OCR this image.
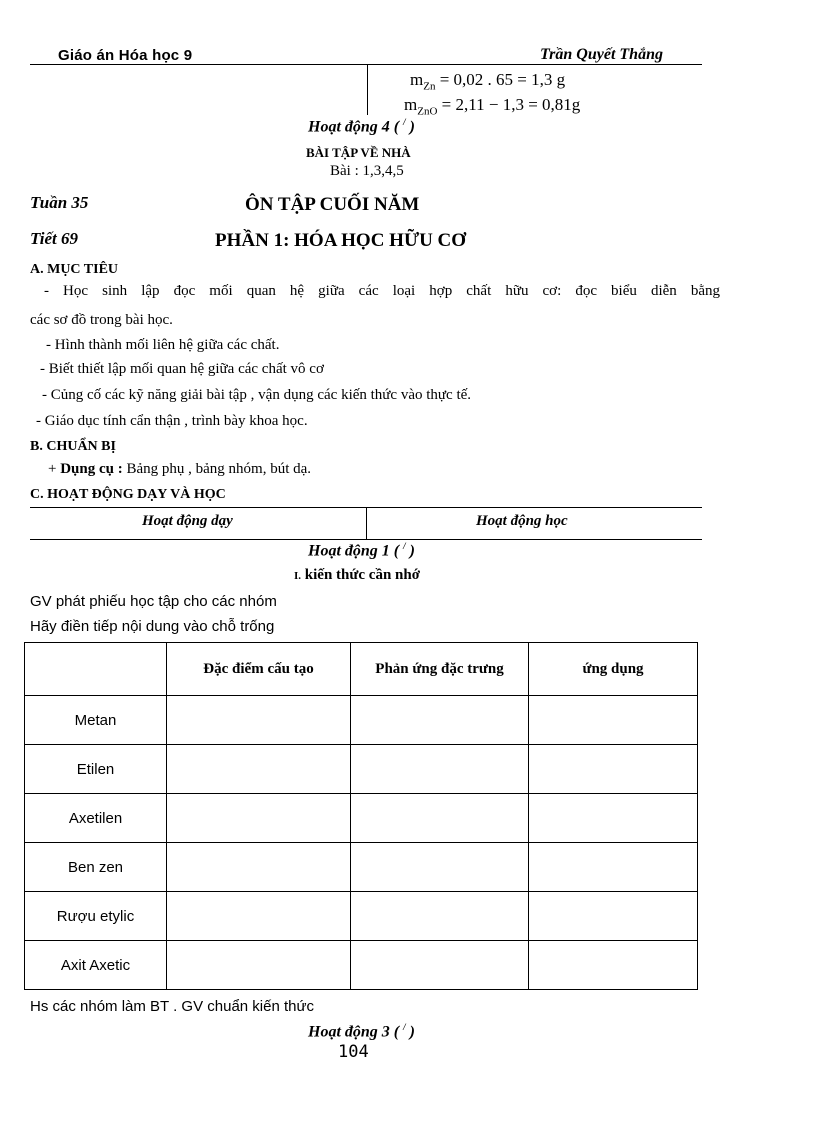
Giáo án Hóa học 9	Trần Quyết Thắng
$m_{Zn} = 0,02$ . 65 = 1,3 g
$m_{ZnO} = 2,11 - 1,3 = 0,81g$
Hoạt động 4 ( / )
BÀI TẬP VỀ NHÀ
Bài : 1,3,4,5
Tuần 35	ÔN TẬP CUỐI NĂM
Tiết 69	PHẦN 1: HÓA HỌC HỮU CƠ
A. MỤC TIÊU
- Học sinh lập đọc mối quan hệ giữa các loại hợp chất hữu cơ: đọc biểu diễn bằng
các sơ đồ trong bài học.
- Hình thành mối liên hệ giữa các chất.
- Biết thiết lập mối quan hệ giữa các chất vô cơ
- Củng cố các kỹ năng giải bài tập , vận dụng các kiến thức vào thực tế.
- Giáo dục tính cẩn thận , trình bày khoa học.
B. CHUẨN BỊ
+ Dụng cụ : Bảng phụ , bảng nhóm, bút dạ.
C. HOẠT ĐỘNG DẠY VÀ HỌC
Hoạt động dạy	Hoạt động học
Hoạt động 1 ( / )
I. kiến thức cần nhớ
GV phát phiếu học tập cho các nhóm
Hãy điền tiếp nội dung vào chỗ trống
	Đặc điểm cấu tạo	Phản ứng đặc trưng	ứng dụng
Metan			
Etilen			
Axetilen			
Ben zen			
Rượu etylic			
Axit Axetic			
Hs các nhóm làm BT . GV chuẩn kiến thức
Hoạt động 3 ( / )
104
